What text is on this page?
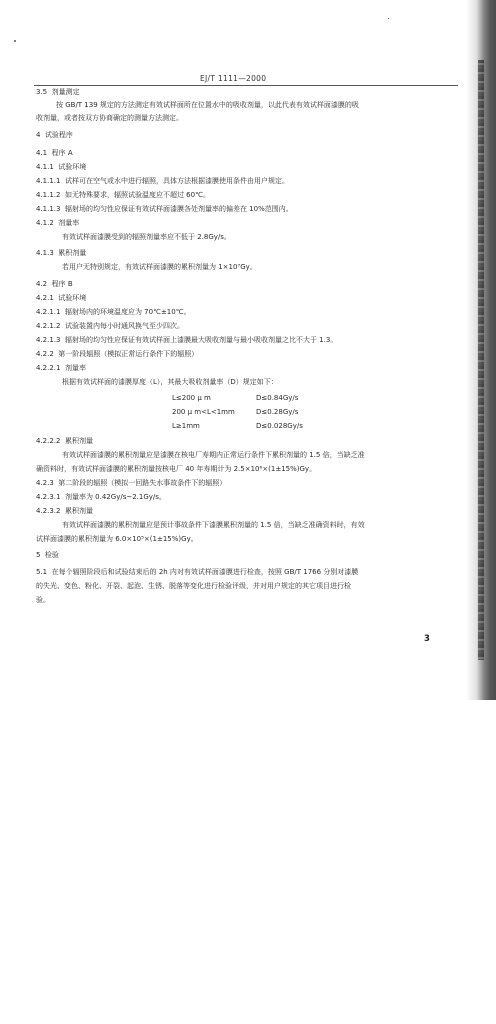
EJ/T 1111—2000
3.5 剂量测定
按 GB/T 139 规定的方法测定有效试样面所在位置水中的吸收剂量，以此代表有效试样面漆膜的吸
收剂量，或者按双方协商确定的测量方法测定。
4 试验程序
4.1 程序 A
4.1.1 试验环境
4.1.1.1 试样可在空气或水中进行辐照，具体方法根据漆膜使用条件由用户规定。
4.1.1.2 如无特殊要求，辐照试验温度应不超过 60℃。
4.1.1.3 辐射场的均匀性应保证有效试样面漆膜各处剂量率的偏差在 10%范围内。
4.1.2 剂量率
有效试样面漆膜受到的辐照剂量率应不低于 2.8Gy/s。
4.1.3 累积剂量
若用户无特别规定，有效试样面漆膜的累积剂量为 1×10⁷Gy。
4.2 程序 B
4.2.1 试验环境
4.2.1.1 辐射场内的环境温度应为 70℃±10℃。
4.2.1.2 试验装置内每小时通风换气至少四次。
4.2.1.3 辐射场的均匀性应保证有效试样面上漆膜最大吸收剂量与最小吸收剂量之比不大于 1.3。
4.2.2 第一阶段辐照（模拟正常运行条件下的辐照）
4.2.2.1 剂量率
根据有效试样面的漆膜厚度（L），其最大吸收剂量率（D）规定如下：
L≤200 μ m	D≤0.84Gy/s
200 μ m<L<1mm	D≤0.28Gy/s
L≥1mm	D≤0.028Gy/s
4.2.2.2 累积剂量
有效试样面漆膜的累积剂量应是漆膜在核电厂寿期内正常运行条件下累积剂量的 1.5 倍，当缺乏准
确资料时，有效试样面漆膜的累积剂量按核电厂 40 年寿期计为 2.5×10⁶×(1±15%)Gy。
4.2.3 第二阶段的辐照（模拟一回路失水事故条件下的辐照）
4.2.3.1 剂量率为 0.42Gy/s~2.1Gy/s。
4.2.3.2 累积剂量
有效试样面漆膜的累积剂量应是预计事故条件下漆膜累积剂量的 1.5 倍，当缺乏准确资料时，有效
试样面漆膜的累积剂量为 6.0×10⁵×(1±15%)Gy。
5 检验
5.1 在每个辐照阶段后和试验结束后的 2h 内对有效试样面漆膜进行检查，按照 GB/T 1766 分别对漆膜
的失光、变色、粉化、开裂、起泡、生锈、脱落等变化进行检验评级，并对用户规定的其它项目进行检
验。
3
